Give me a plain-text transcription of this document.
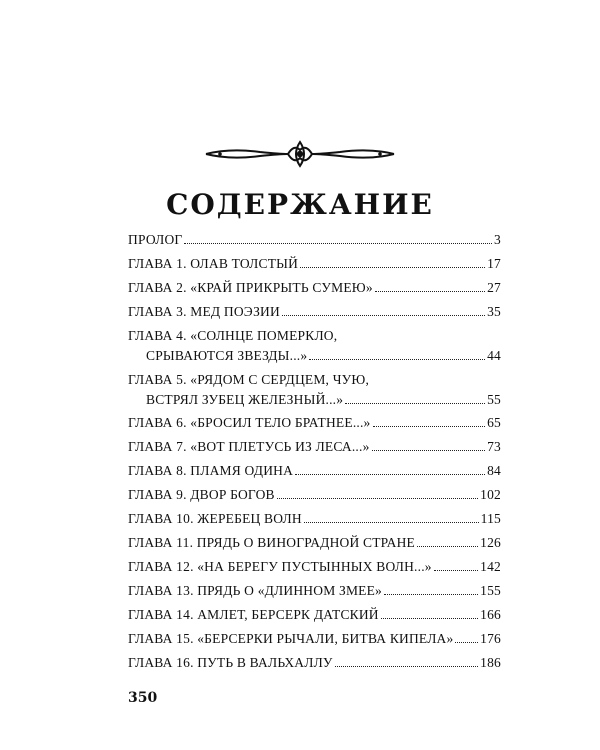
СОДЕРЖАНИЕ
ПРОЛОГ	3
ГЛАВА 1. ОЛАВ ТОЛСТЫЙ	17
ГЛАВА 2. «КРАЙ ПРИКРЫТЬ СУМЕЮ»	27
ГЛАВА 3. МЕД ПОЭЗИИ	35
ГЛАВА 4. «СОЛНЦЕ ПОМЕРКЛО,
СРЫВАЮТСЯ ЗВЕЗДЫ...»	44
ГЛАВА 5. «РЯДОМ С СЕРДЦЕМ, ЧУЮ,
ВСТРЯЛ ЗУБЕЦ ЖЕЛЕЗНЫЙ...»	55
ГЛАВА 6. «БРОСИЛ ТЕЛО БРАТНЕЕ...»	65
ГЛАВА 7. «ВОТ ПЛЕТУСЬ ИЗ ЛЕСА...»	73
ГЛАВА 8. ПЛАМЯ ОДИНА	84
ГЛАВА 9. ДВОР БОГОВ	102
ГЛАВА 10. ЖЕРЕБЕЦ ВОЛН	115
ГЛАВА 11. ПРЯДЬ О ВИНОГРАДНОЙ СТРАНЕ	126
ГЛАВА 12. «НА БЕРЕГУ ПУСТЫННЫХ ВОЛН...»	142
ГЛАВА 13. ПРЯДЬ О «ДЛИННОМ ЗМЕЕ»	155
ГЛАВА 14. АМЛЕТ, БЕРСЕРК ДАТСКИЙ	166
ГЛАВА 15. «БЕРСЕРКИ РЫЧАЛИ, БИТВА КИПЕЛА» 176
ГЛАВА 16. ПУТЬ В ВАЛЬХАЛЛУ	186
350
